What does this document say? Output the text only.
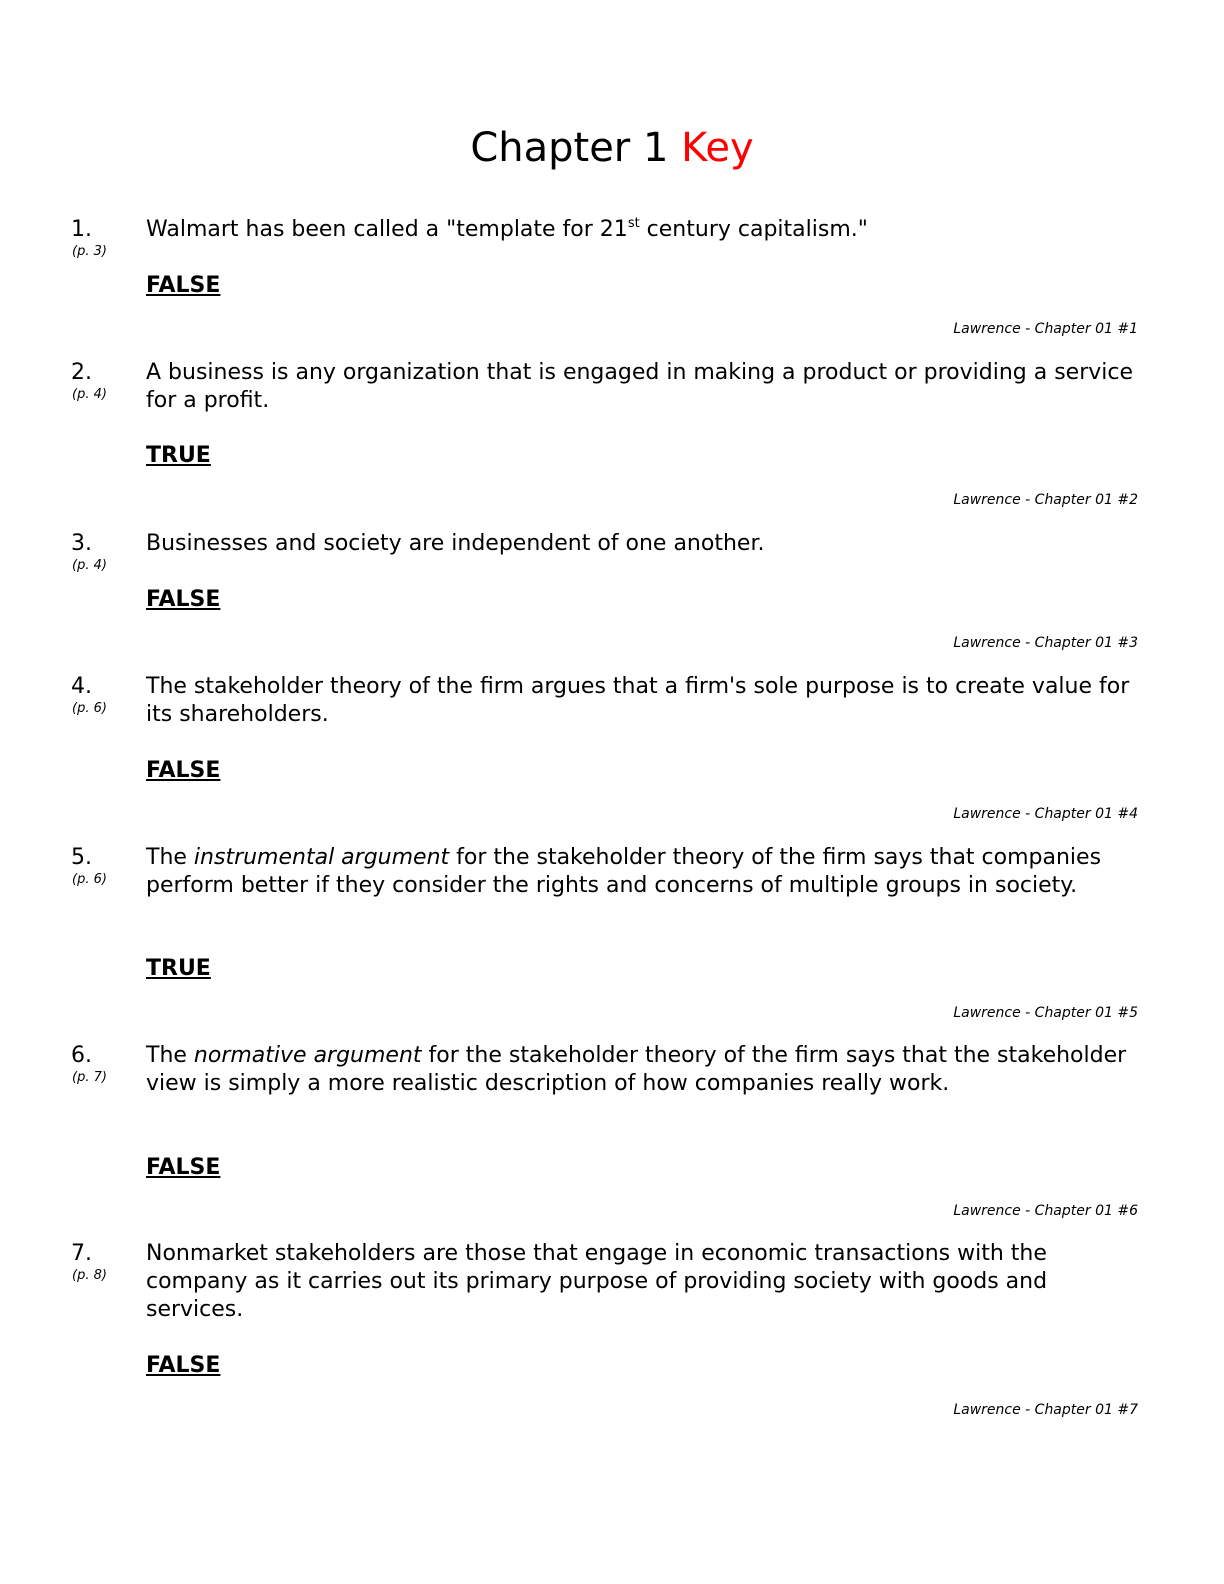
Chapter 1 Key
1.
(p. 3)
Walmart has been called a "template for 21st century capitalism."
FALSE
Lawrence - Chapter 01 #1
2.
(p. 4)
A business is any organization that is engaged in making a product or providing a service for a profit.
TRUE
Lawrence - Chapter 01 #2
3.
(p. 4)
Businesses and society are independent of one another.
FALSE
Lawrence - Chapter 01 #3
4.
(p. 6)
The stakeholder theory of the firm argues that a firm's sole purpose is to create value for its shareholders.
FALSE
Lawrence - Chapter 01 #4
5.
(p. 6)
The instrumental argument for the stakeholder theory of the firm says that companies perform better if they consider the rights and concerns of multiple groups in society.
TRUE
Lawrence - Chapter 01 #5
6.
(p. 7)
The normative argument for the stakeholder theory of the firm says that the stakeholder view is simply a more realistic description of how companies really work.
FALSE
Lawrence - Chapter 01 #6
7.
(p. 8)
Nonmarket stakeholders are those that engage in economic transactions with the company as it carries out its primary purpose of providing society with goods and services.
FALSE
Lawrence - Chapter 01 #7
